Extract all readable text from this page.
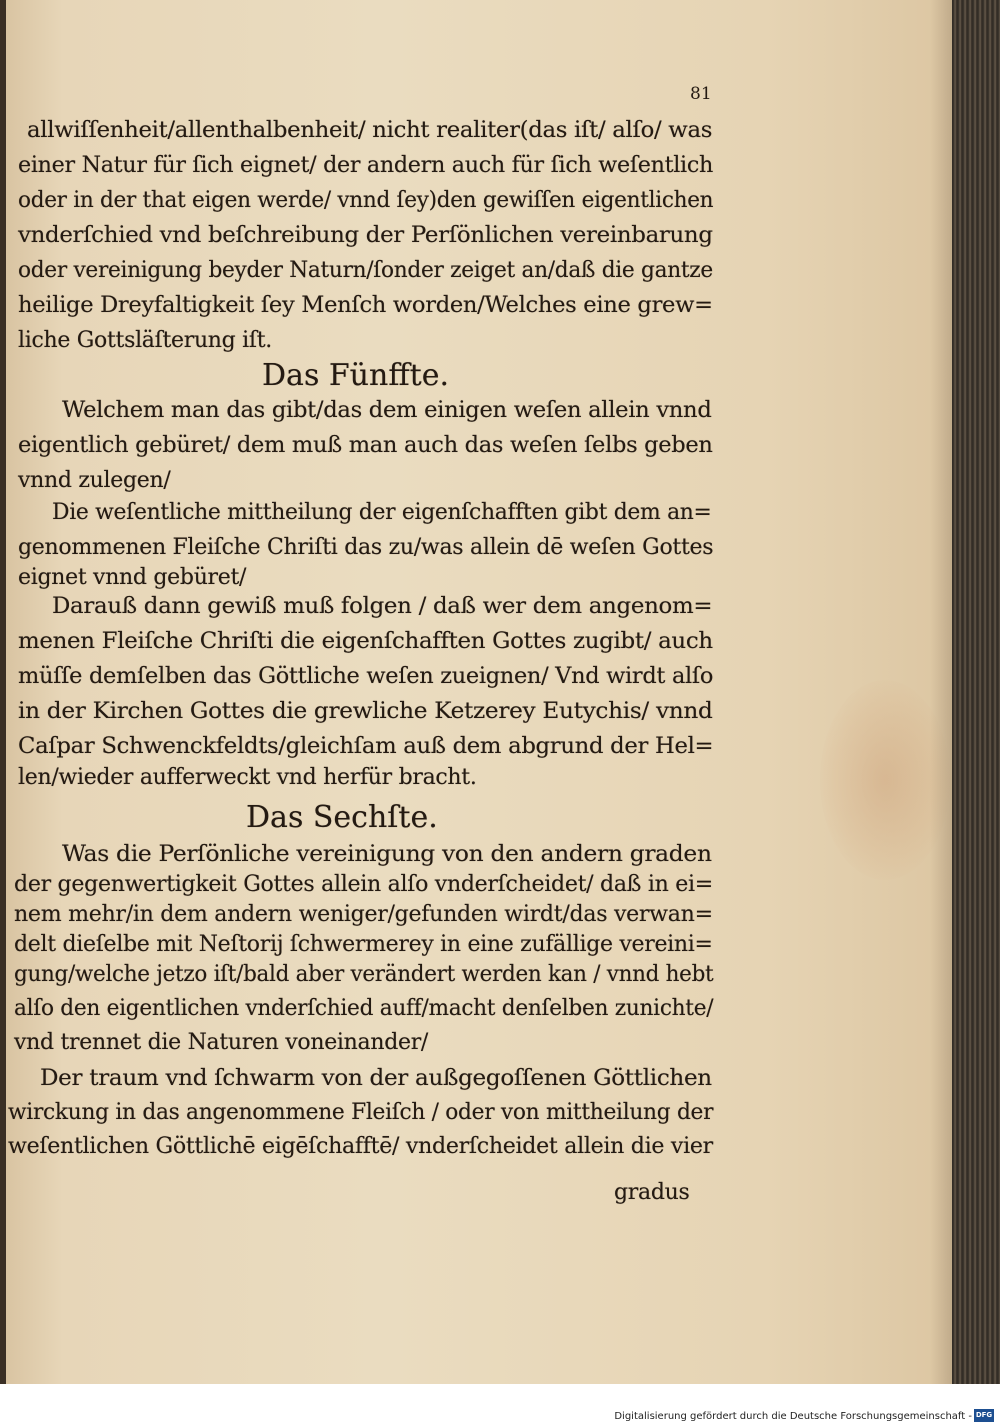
81
allwiſſenheit/allenthalbenheit/ nicht realiter(das iſt/ alſo/ was
einer Natur für ſich eignet/ der andern auch für ſich weſentlich
oder in der that eigen werde/ vnnd ſey)den gewiſſen eigentlichen
vnderſchied vnd beſchreibung der Perſönlichen vereinbarung
oder vereinigung beyder Naturn/ſonder zeiget an/daß die gantze
heilige Dreyfaltigkeit ſey Menſch worden/Welches eine grew=
liche Gottsläſterung iſt.
Das Fünffte.
Welchem man das gibt/das dem einigen weſen allein vnnd
eigentlich gebüret/ dem muß man auch das weſen ſelbs geben
vnnd zulegen/
Die weſentliche mittheilung der eigenſchafften gibt dem an=
genommenen Fleiſche Chriſti das zu/was allein dē weſen Gottes
eignet vnnd gebüret/
Darauß dann gewiß muß folgen / daß wer dem angenom=
menen Fleiſche Chriſti die eigenſchafften Gottes zugibt/ auch
müſſe demſelben das Göttliche weſen zueignen/ Vnd wirdt alſo
in der Kirchen Gottes die grewliche Ketzerey Eutychis/ vnnd
Caſpar Schwenckfeldts/gleichſam auß dem abgrund der Hel=
len/wieder aufferweckt vnd herfür bracht.
Das Sechſte.
Was die Perſönliche vereinigung von den andern graden
der gegenwertigkeit Gottes allein alſo vnderſcheidet/ daß in ei=
nem mehr/in dem andern weniger/gefunden wirdt/das verwan=
delt dieſelbe mit Neſtorij ſchwermerey in eine zufällige vereini=
gung/welche jetzo iſt/bald aber verändert werden kan / vnnd hebt
alſo den eigentlichen vnderſchied auff/macht denſelben zunichte/
vnd trennet die Naturen voneinander/
Der traum vnd ſchwarm von der außgegoſſenen Göttlichen
wirckung in das angenommene Fleiſch / oder von mittheilung der
weſentlichen Göttlichē eigēſchafftē/ vnderſcheidet allein die vier
gradus
Digitalisierung gefördert durch die Deutsche Forschungsgemeinschaft - DFG
